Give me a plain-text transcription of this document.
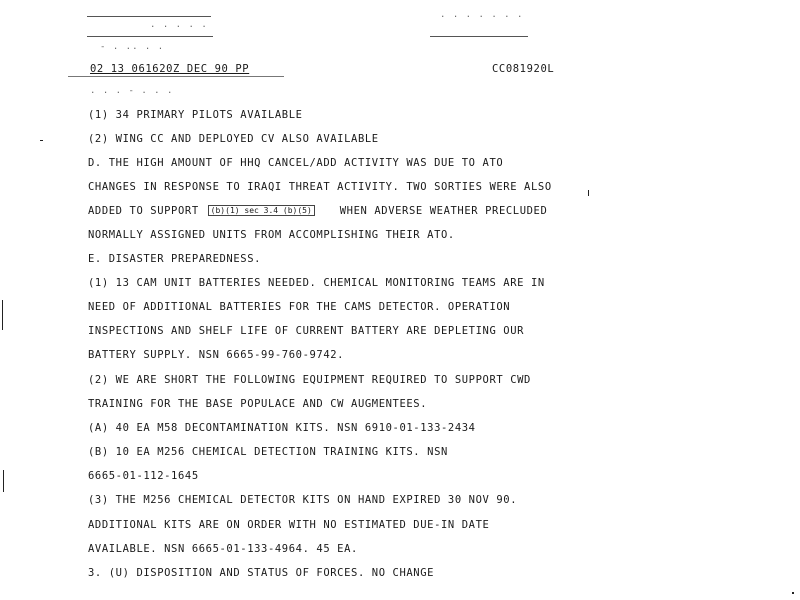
. . . . .
- . .. . .
. . . . . . .
02 13 061620Z DEC 90 PP	CC081920L
. . . - . . .
(1) 34 PRIMARY PILOTS AVAILABLE
(2) WING CC AND DEPLOYED CV ALSO AVAILABLE
D. THE HIGH AMOUNT OF HHQ CANCEL/ADD ACTIVITY WAS DUE TO ATO
CHANGES IN RESPONSE TO IRAQI THREAT ACTIVITY. TWO SORTIES WERE ALSO
ADDED TO SUPPORT (b)(1) sec 3.4 (b)(5)	WHEN ADVERSE WEATHER PRECLUDED
NORMALLY ASSIGNED UNITS FROM ACCOMPLISHING THEIR ATO.
E. DISASTER PREPAREDNESS.
(1) 13 CAM UNIT BATTERIES NEEDED. CHEMICAL MONITORING TEAMS ARE IN
NEED OF ADDITIONAL BATTERIES FOR THE CAMS DETECTOR. OPERATION
INSPECTIONS AND SHELF LIFE OF CURRENT BATTERY ARE DEPLETING OUR
BATTERY SUPPLY. NSN 6665-99-760-9742.
(2) WE ARE SHORT THE FOLLOWING EQUIPMENT REQUIRED TO SUPPORT CWD
TRAINING FOR THE BASE POPULACE AND CW AUGMENTEES.
(A) 40 EA M58 DECONTAMINATION KITS. NSN 6910-01-133-2434
(B) 10 EA M256 CHEMICAL DETECTION TRAINING KITS. NSN
6665-01-112-1645
(3) THE M256 CHEMICAL DETECTOR KITS ON HAND EXPIRED 30 NOV 90.
ADDITIONAL KITS ARE ON ORDER WITH NO ESTIMATED DUE-IN DATE
AVAILABLE. NSN 6665-01-133-4964. 45 EA.
3. (U) DISPOSITION AND STATUS OF FORCES. NO CHANGE
